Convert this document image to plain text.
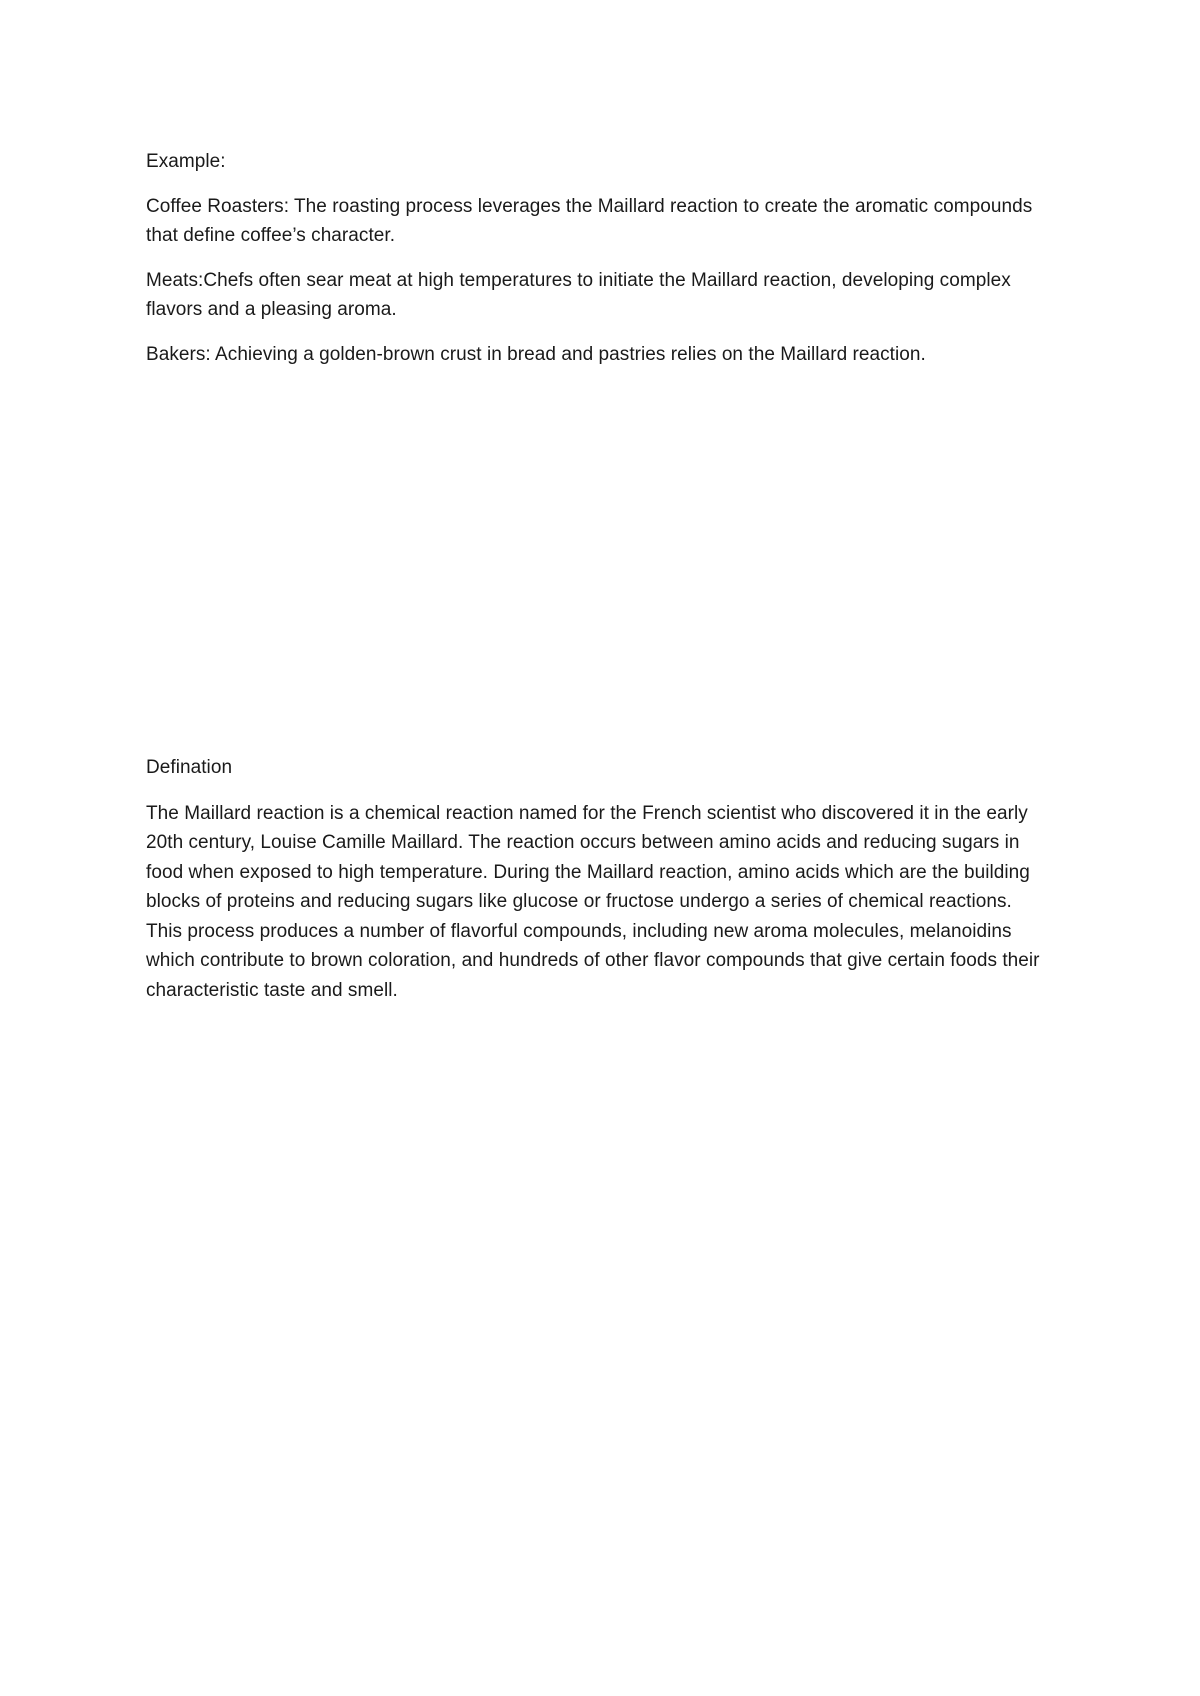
Example:

Coffee Roasters: The roasting process leverages the Maillard reaction to create the aromatic compounds that define coffee’s character.

Meats:Chefs often sear meat at high temperatures to initiate the Maillard reaction, developing complex flavors and a pleasing aroma.

Bakers: Achieving a golden-brown crust in bread and pastries relies on the Maillard reaction.

Defination

The Maillard reaction is a chemical reaction named for the French scientist who discovered it in the early 20th century, Louise Camille Maillard. The reaction occurs between amino acids and reducing sugars in food when exposed to high temperature. During the Maillard reaction, amino acids which are the building blocks of proteins and reducing sugars like glucose or fructose undergo a series of chemical reactions. This process produces a number of flavorful compounds, including new aroma molecules, melanoidins which contribute to brown coloration, and hundreds of other flavor compounds that give certain foods their characteristic taste and smell.
